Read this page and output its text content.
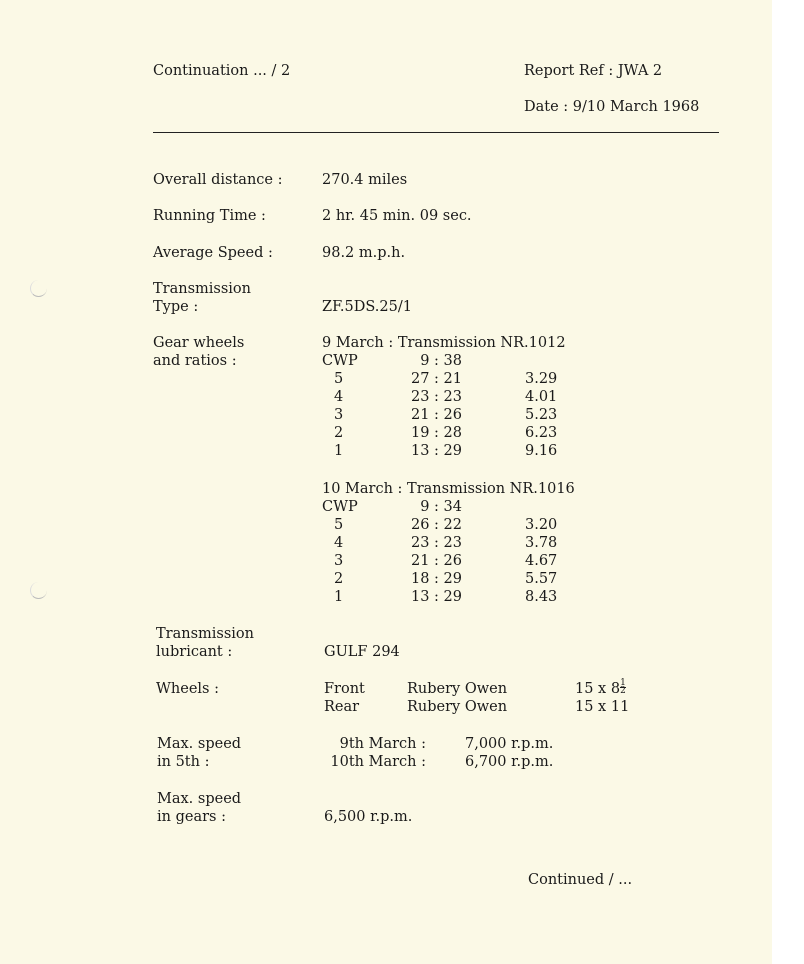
Continuation ... / 2	Report Ref : JWA 2
Date : 9/10 March 1968
Overall distance :	270.4 miles
Running Time :	2 hr. 45 min. 09 sec.
Average Speed :	98.2 m.p.h.
Transmission
Type :	ZF.5DS.25/1
Gear wheels
and ratios :
9 March : Transmission NR.1012
CWP	9 : 38
5	27 : 21	3.29
4	23 : 23	4.01
3	21 : 26	5.23
2	19 : 28	6.23
1	13 : 29	9.16
10 March : Transmission NR.1016
CWP	9 : 34
5	26 : 22	3.20
4	23 : 23	3.78
3	21 : 26	4.67
2	18 : 29	5.57
1	13 : 29	8.43
Transmission
lubricant :	GULF 294
Wheels :	Front	Rubery Owen	15 x $8 \frac{1}{2}$
Rear	Rubery Owen	15 x 11
Max. speed
in 5th :
9th March :	7,000 r.p.m.
10th March :	6,700 r.p.m.
Max. speed
in gears :	6,500 r.p.m.
Continued / ...
